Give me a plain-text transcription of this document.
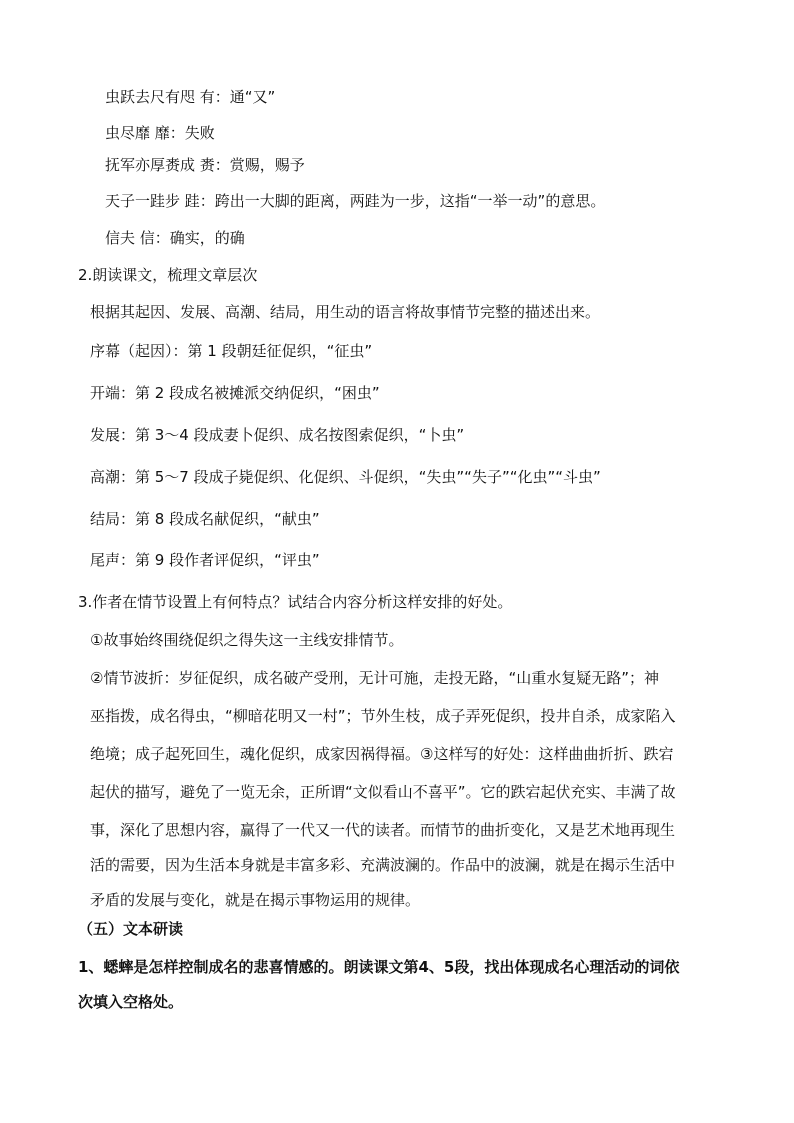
虫跃去尺有咫 有：通“又”
虫尽靡 靡：失败
抚军亦厚赉成 赉：赏赐，赐予
天子一跬步 跬：跨出一大脚的距离，两跬为一步，这指“一举一动”的意思。
信夫 信：确实，的确
2.朗读课文，梳理文章层次
根据其起因、发展、高潮、结局，用生动的语言将故事情节完整的描述出来。
序幕（起因）：第 1 段朝廷征促织，“征虫”
开端：第 2 段成名被摊派交纳促织，“困虫”
发展：第 3～4 段成妻卜促织、成名按图索促织，“卜虫”
高潮：第 5～7 段成子毙促织、化促织、斗促织，“失虫”“失子”“化虫”“斗虫”
结局：第 8 段成名献促织，“献虫”
尾声：第 9 段作者评促织，“评虫”
3.作者在情节设置上有何特点？试结合内容分析这样安排的好处。
①故事始终围绕促织之得失这一主线安排情节。
②情节波折：岁征促织，成名破产受刑，无计可施，走投无路，“山重水复疑无路”；神
巫指拨，成名得虫，“柳暗花明又一村”；节外生枝，成子弄死促织，投井自杀，成家陷入
绝境；成子起死回生，魂化促织，成家因祸得福。③这样写的好处：这样曲曲折折、跌宕
起伏的描写，避免了一览无余，正所谓“文似看山不喜平”。它的跌宕起伏充实、丰满了故
事，深化了思想内容，赢得了一代又一代的读者。而情节的曲折变化，又是艺术地再现生
活的需要，因为生活本身就是丰富多彩、充满波澜的。作品中的波澜，就是在揭示生活中
矛盾的发展与变化，就是在揭示事物运用的规律。
（五）文本研读
1、蟋蟀是怎样控制成名的悲喜情感的。朗读课文第4、5段，找出体现成名心理活动的词依
次填入空格处。
